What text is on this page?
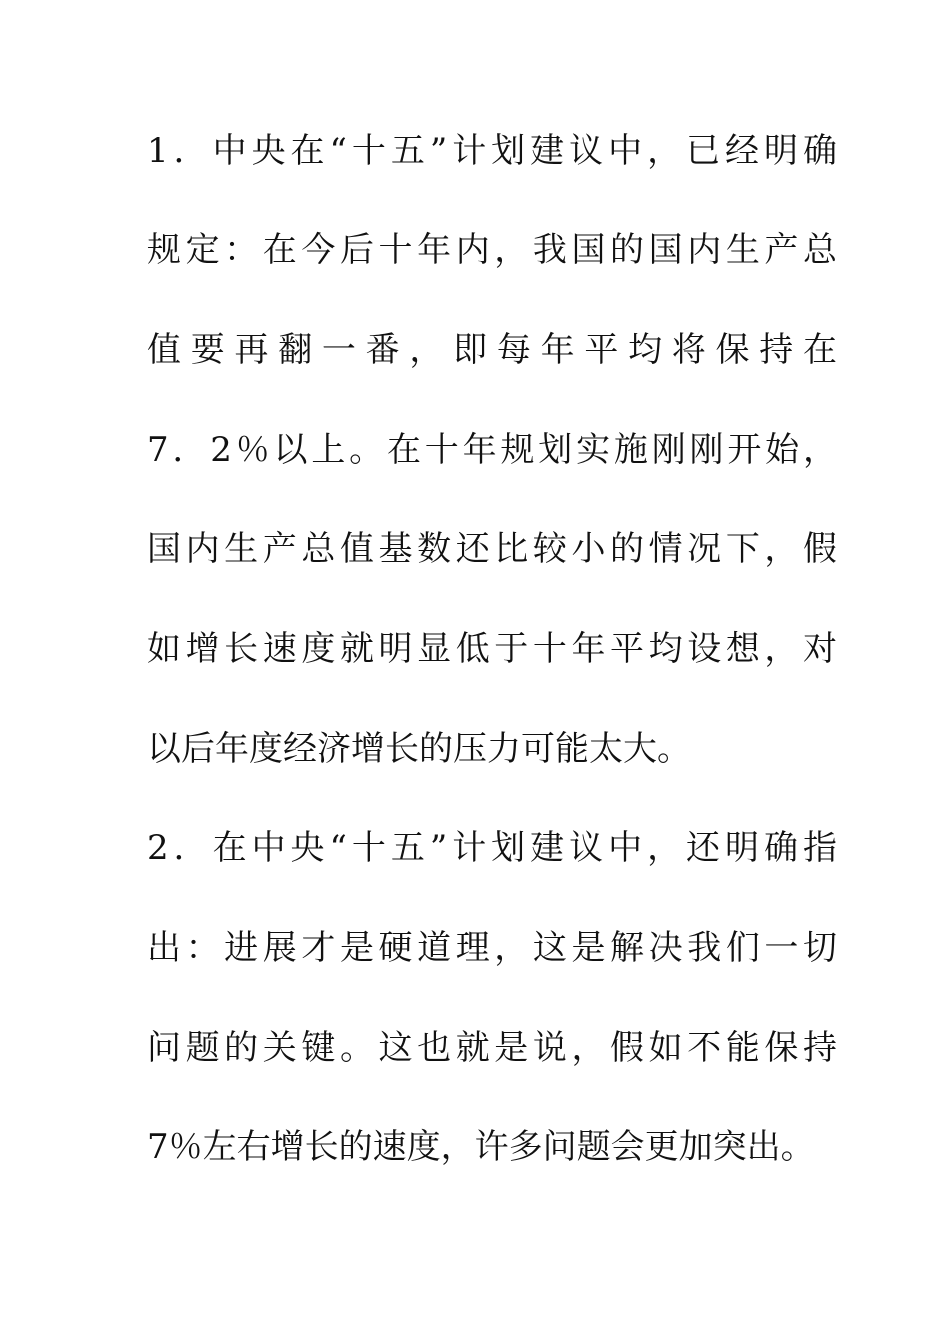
1．中央在“十五”计划建议中，已经明确

规定：在今后十年内，我国的国内生产总

值要再翻一番，即每年平均将保持在

7．2％以上。在十年规划实施刚刚开始，

国内生产总值基数还比较小的情况下，假

如增长速度就明显低于十年平均设想，对

以后年度经济增长的压力可能太大。

2．在中央“十五”计划建议中，还明确指

出：进展才是硬道理，这是解决我们一切

问题的关键。这也就是说，假如不能保持

7％左右增长的速度，许多问题会更加突出。
